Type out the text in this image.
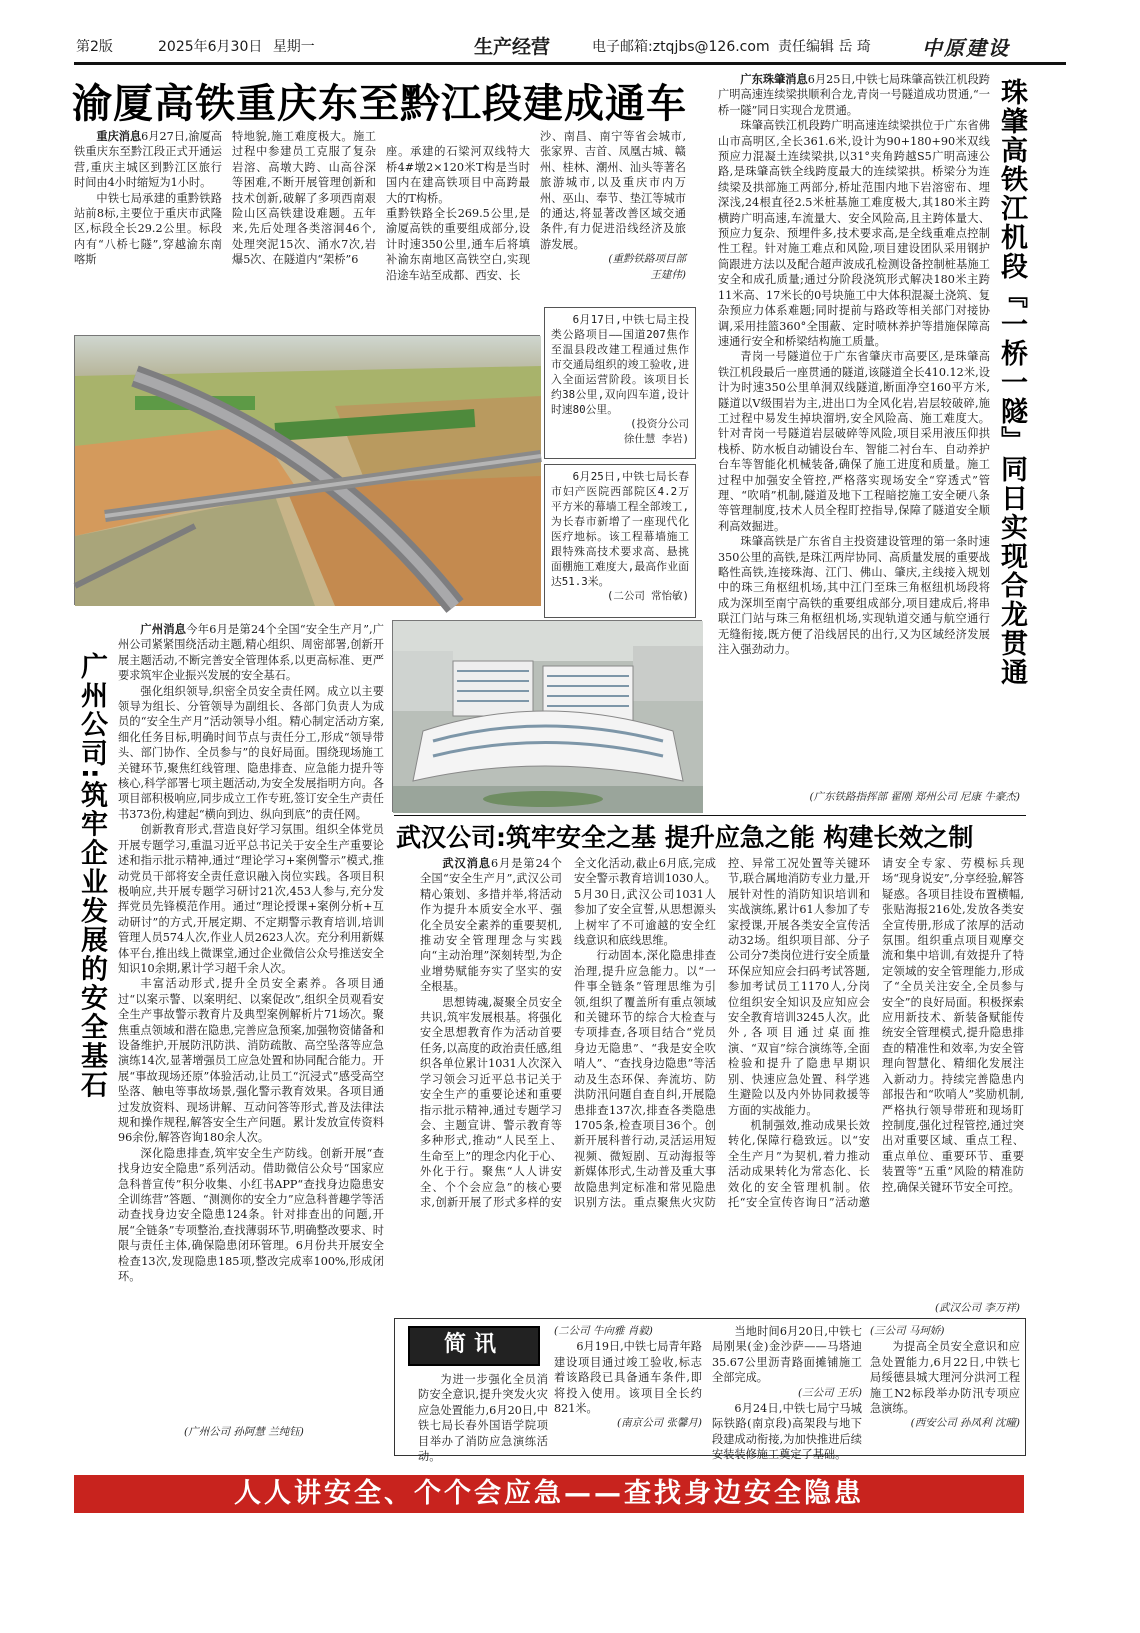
第2版	2025年6月30日 星期一	生产经营	电子邮箱:ztqjbs@126.com 责任编辑 岳 琦	中原建设
渝厦高铁重庆东至黔江段建成通车

重庆消息6月27日,渝厦高铁重庆东至黔江段正式开通运营,重庆主城区到黔江区旅行时间由4小时缩短为1小时。

中铁七局承建的重黔铁路站前8标,主要位于重庆市武隆区,标段全长29.2公里。标段内有“八桥七隧”,穿越渝东南喀斯

特地貌,施工难度极大。施工过程中参建员工克服了复杂岩溶、高墩大跨、山高谷深等困难,不断开展管理创新和技术创新,破解了多项西南艰险山区高铁建设难题。五年来,先后处理各类溶洞46个,处理突泥15次、涌水7次,岩爆5次、在隧道内“架桥”6

座。承建的石梁河双线特大桥4#墩2×120米T构是当时国内在建高铁项目中高跨最大的T构桥。
重黔铁路全长269.5公里,是渝厦高铁的重要组成部分,设计时速350公里,通车后将填补渝东南地区高铁空白,实现沿途车站至成都、西安、长

沙、南昌、南宁等省会城市,张家界、吉首、凤凰古城、赣州、桂林、潮州、汕头等著名旅游城市,以及重庆市内万州、巫山、奉节、垫江等城市的通达,将显著改善区域交通条件,有力促进沿线经济及旅游发展。

(重黔铁路项目部
王建伟)

6月17日,中铁七局主投类公路项目——国道207焦作至温县段改建工程通过焦作市交通局组织的竣工验收,进入全面运营阶段。该项目长约38公里,双向四车道,设计时速80公里。

(投资分公司
徐仕慧 李岩)

6月25日,中铁七局长春市妇产医院西部院区4.2万平方米的幕墙工程全部竣工,为长春市新增了一座现代化医疗地标。该工程幕墙施工跟特殊高技术要求高、悬挑面棚施工难度大,最高作业面达51.3米。

(二公司 常怡敏)

广东珠肇消息6月25日,中铁七局珠肇高铁江机段跨广明高速连续梁拱顺利合龙,青岗一号隧道成功贯通,“一桥一隧”同日实现合龙贯通。

珠肇高铁江机段跨广明高速连续梁拱位于广东省佛山市高明区,全长361.6米,设计为90+180+90米双线预应力混凝土连续梁拱,以31°夹角跨越S5广明高速公路,是珠肇高铁全线跨度最大的连续梁拱。桥梁分为连续梁及拱部施工两部分,桥址范围内地下岩溶密布、埋深浅,24根直径2.5米桩基施工难度极大,其180米主跨横跨广明高速,车流量大、安全风险高,且主跨体量大、预应力复杂、预埋件多,技术要求高,是全线重难点控制性工程。针对施工难点和风险,项目建设团队采用钢护筒跟进方法以及配合超声波成孔检测设备控制桩基施工安全和成孔质量;通过分阶段浇筑形式解决180米主跨11米高、17米长的0号块施工中大体积混凝土浇筑、复杂预应力体系难题;同时提前与路政等相关部门对接协调,采用挂篮360°全围蔽、定时喷林养护等措施保障高速通行安全和桥梁结构施工质量。

青岗一号隧道位于广东省肇庆市高要区,是珠肇高铁江机段最后一座贯通的隧道,该隧道全长410.12米,设计为时速350公里单洞双线隧道,断面净空160平方米,隧道以Ⅴ级围岩为主,进出口为全风化岩,岩层较破碎,施工过程中易发生掉块溜坍,安全风险高、施工难度大。针对青岗一号隧道岩层破碎等风险,项目采用液压仰拱栈桥、防水板自动铺设台车、智能二衬台车、自动养护台车等智能化机械装备,确保了施工进度和质量。施工过程中加强安全管控,严格落实现场安全“穿透式”管理、“吹哨”机制,隧道及地下工程暗挖施工安全硬八条等管理制度,技术人员全程盯控指导,保障了隧道安全顺利高效掘进。

珠肇高铁是广东省自主投资建设管理的第一条时速350公里的高铁,是珠江两岸协同、高质量发展的重要战略性高铁,连接珠海、江门、佛山、肇庆,主线接入规划中的珠三角枢纽机场,其中江门至珠三角枢纽机场段将成为深圳至南宁高铁的重要组成部分,项目建成后,将串联江门站与珠三角枢纽机场,实现轨道交通与航空通行无缝衔接,既方便了沿线居民的出行,又为区域经济发展注入强劲动力。

(广东铁路指挥部 翟刚 郑州公司 尼康 牛豪杰)
珠肇高铁江机段『一桥一隧』同日实现合龙贯通
广州公司:筑牢企业发展的安全基石

广州消息今年6月是第24个全国“安全生产月”,广州公司紧紧围绕活动主题,精心组织、周密部署,创新开展主题活动,不断完善安全管理体系,以更高标准、更严要求筑牢企业振兴发展的安全基石。

强化组织领导,织密全员安全责任网。成立以主要领导为组长、分管领导为副组长、各部门负责人为成员的“安全生产月”活动领导小组。精心制定活动方案,细化任务目标,明确时间节点与责任分工,形成“领导带头、部门协作、全员参与”的良好局面。围绕现场施工关键环节,聚焦红线管理、隐患排查、应急能力提升等核心,科学部署七项主题活动,为安全发展指明方向。各项目部积极响应,同步成立工作专班,签订安全生产责任书373份,构建起“横向到边、纵向到底”的责任网。

创新教育形式,营造良好学习氛围。组织全体党员开展专题学习,重温习近平总书记关于安全生产重要论述和指示批示精神,通过“理论学习+案例警示”模式,推动党员干部将安全责任意识融入岗位实践。各项目积极响应,共开展专题学习研讨21次,453人参与,充分发挥党员先锋模范作用。通过“理论授课+案例分析+互动研讨”的方式,开展定期、不定期警示教育培训,培训管理人员574人次,作业人员2623人次。充分利用新媒体平台,推出线上微课堂,通过企业微信公众号推送安全知识10余期,累计学习超千余人次。

丰富活动形式,提升全员安全素养。各项目通过“以案示警、以案明纪、以案促改”,组织全员观看安全生产事故警示教育片及典型案例解析片71场次。聚焦重点领域和潜在隐患,完善应急预案,加强物资储备和设备维护,开展防汛防洪、消防疏散、高空坠落等应急演练14次,显著增强员工应急处置和协同配合能力。开展“事故现场还原”体验活动,让员工“沉浸式”感受高空坠落、触电等事故场景,强化警示教育效果。各项目通过发放资料、现场讲解、互动问答等形式,普及法律法规和操作规程,解答安全生产问题。累计发放宣传资料96余份,解答咨询180余人次。

深化隐患排查,筑牢安全生产防线。创新开展“查找身边安全隐患”系列活动。借助微信公众号“国家应急科普宣传”积分收集、小红书APP“查找身边隐患安全训练营”答题、“测测你的安全力”应急科普趣学等活动查找身边安全隐患124条。针对排查出的问题,开展“全链条”专项整治,查找薄弱环节,明确整改要求、时限与责任主体,确保隐患闭环管理。6月份共开展安全检查13次,发现隐患185项,整改完成率100%,形成闭环。

(广州公司 孙阿慧 兰纯钰)
武汉公司:筑牢安全之基 提升应急之能 构建长效之制

武汉消息6月是第24个全国“安全生产月”,武汉公司精心策划、多措并举,将活动作为提升本质安全水平、强化全员安全素养的重要契机,推动安全管理理念与实践向“主动治理”深刻转型,为企业增势赋能夯实了坚实的安全根基。

思想铸魂,凝聚全员安全共识,筑牢发展根基。将强化安全思想教育作为活动首要任务,以高度的政治责任感,组织各单位累计1031人次深入学习领会习近平总书记关于安全生产的重要论述和重要指示批示精神,通过专题学习会、主题宣讲、警示教育等多种形式,推动“人民至上、生命至上”的理念内化于心、外化于行。聚焦“人人讲安全、个个会应急”的核心要求,创新开展了形式多样的安全文化活动,截止6月底,完成安全警示教育培训1030人。5月30日,武汉公司1031人参加了安全宣誓,从思想源头上树牢了不可逾越的安全红线意识和底线思维。

行动固本,深化隐患排查治理,提升应急能力。以“一件事全链条”管理思维为引领,组织了覆盖所有重点领域和关键环节的综合大检查与专项排查,各项目结合“党员身边无隐患”、“我是安全吹哨人”、“查找身边隐患”等活动及生态环保、奔流坊、防洪防汛问题自查自纠,开展隐患排查137次,排查各类隐患1705条,检查项目36个。创新开展科普行动,灵活运用短视频、微短剧、互动海报等新媒体形式,生动普及重大事故隐患判定标准和常见隐患识别方法。重点聚焦火灾防控、异常工况处置等关键环节,联合属地消防专业力量,开展针对性的消防知识培训和实战演练,累计61人参加了专家授课,开展各类安全宣传活动32场。组织项目部、分子公司分7类岗位进行安全质量环保应知应会扫码考试答题,参加考试员工1170人,分岗位组织安全知识及应知应会安全教育培训3245人次。此外,各项目通过桌面推演、“双盲”综合演练等,全面检验和提升了隐患早期识别、快速应急处置、科学逃生避险以及内外协同救援等方面的实战能力。

机制强效,推动成果长效转化,保障行稳致远。以“安全生产月”为契机,着力推动活动成果转化为常态化、长效化的安全管理机制。依托“安全宣传咨询日”活动邀请安全专家、劳模标兵现场“现身说安”,分享经验,解答疑惑。各项目挂设布置横幅,张贴海报216处,发放各类安全宣传册,形成了浓厚的活动氛围。组织重点项目观摩交流和集中培训,有效提升了特定领域的安全管理能力,形成了“全员关注安全,全员参与安全”的良好局面。积极探索应用新技术、新装备赋能传统安全管理模式,提升隐患排查的精准性和效率,为安全管理向智慧化、精细化发展注入新动力。持续完善隐患内部报告和“吹哨人”奖励机制,严格执行领导带班和现场盯控制度,强化过程管控,通过突出对重要区域、重点工程、重点单位、重要环节、重要装置等“五重”风险的精准防控,确保关键环节安全可控。

(武汉公司 李万祥)
简讯

为进一步强化全员消防安全意识,提升突发火灾应急处置能力,6月20日,中铁七局长春外国语学院项目举办了消防应急演练活动。

(二公司 牛向雅 肖毅)

6月19日,中铁七局青年路建设项目通过竣工验收,标志着该路段已具备通车条件,即将投入使用。该项目全长约821米。

(南京公司 张馨月)

当地时间6月20日,中铁七局刚果(金)金沙萨——马塔迪35.67公里沥青路面摊铺施工全部完成。

(三公司 王乐)

6月24日,中铁七局宁马城际铁路(南京段)高架段与地下段建成动衔接,为加快推进后续安装装修施工奠定了基础。

(三公司 马珂娇)

为提高全员安全意识和应急处置能力,6月22日,中铁七局绥德县城大理河分洪河工程施工N2标段举办防汛专项应急演练。

(西安公司 孙凤利 沈曈)
人人讲安全、个个会应急——查找身边安全隐患
